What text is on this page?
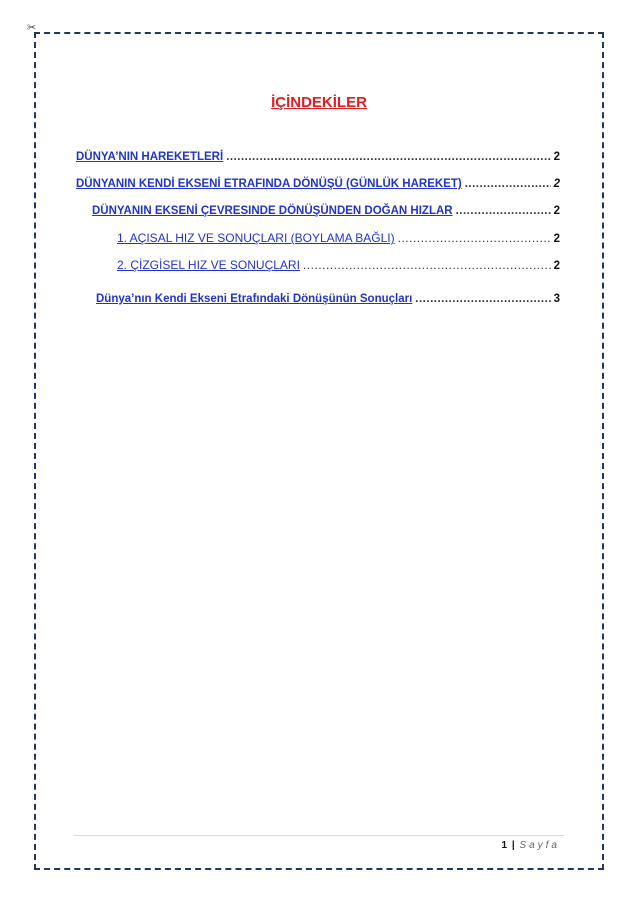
✂
İÇİNDEKİLER
DÜNYA’NIN HAREKETLERİ .....	2
DÜNYANIN KENDİ EKSENİ ETRAFINDA DÖNÜŞÜ (GÜNLÜK HAREKET) .....	2
DÜNYANIN EKSENİ ÇEVRESINDE DÖNÜŞÜNDEN DOĞAN HIZLAR .....	2
1. AÇISAL HIZ VE SONUÇLARI (BOYLAMA BAĞLI) .....	2
2. ÇİZGİSEL HIZ VE SONUÇLARI .....	2
Dünya’nın Kendi Ekseni Etrafındaki Dönüşünün Sonuçları .....	3
1 | Sayfa
